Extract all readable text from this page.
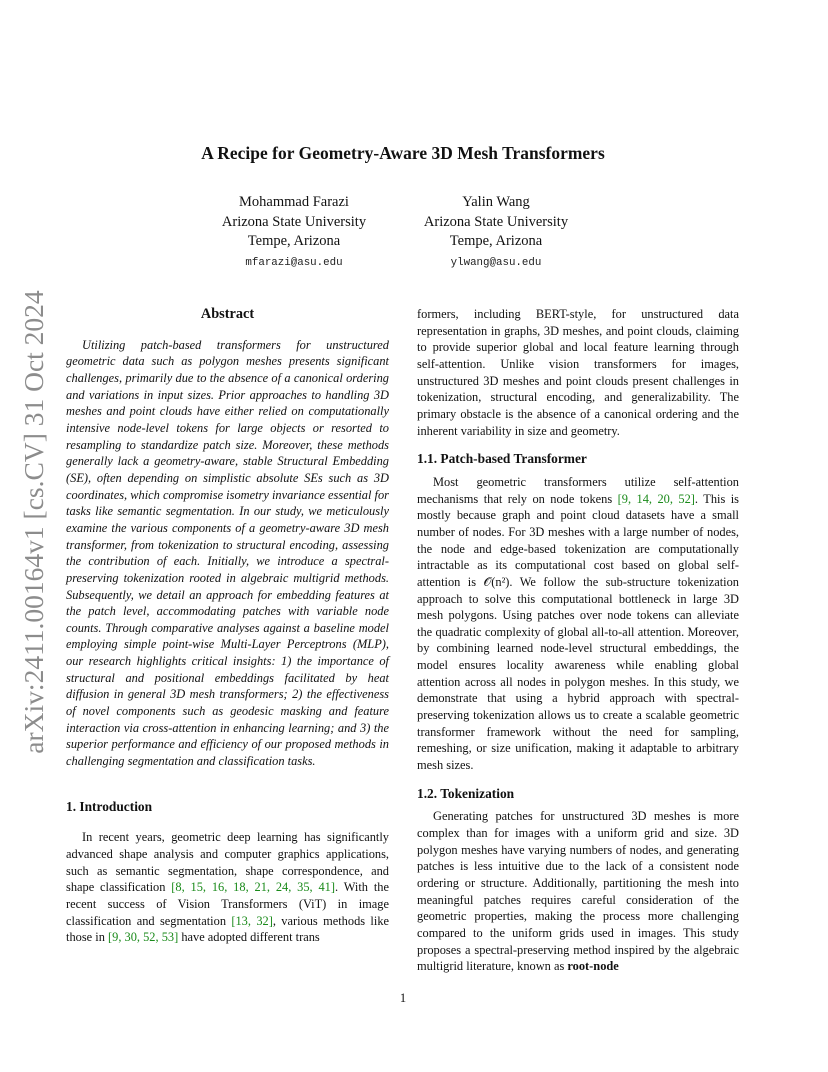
arXiv:2411.00164v1 [cs.CV] 31 Oct 2024
A Recipe for Geometry-Aware 3D Mesh Transformers
Mohammad Farazi
Arizona State University
Tempe, Arizona
mfarazi@asu.edu
Yalin Wang
Arizona State University
Tempe, Arizona
ylwang@asu.edu
Abstract

Utilizing patch-based transformers for unstructured geometric data such as polygon meshes presents significant challenges, primarily due to the absence of a canonical ordering and variations in input sizes. Prior approaches to handling 3D meshes and point clouds have either relied on computationally intensive node-level tokens for large objects or resorted to resampling to standardize patch size. Moreover, these methods generally lack a geometry-aware, stable Structural Embedding (SE), often depending on simplistic absolute SEs such as 3D coordinates, which compromise isometry invariance essential for tasks like semantic segmentation. In our study, we meticulously examine the various components of a geometry-aware 3D mesh transformer, from tokenization to structural encoding, assessing the contribution of each. Initially, we introduce a spectral-preserving tokenization rooted in algebraic multigrid methods. Subsequently, we detail an approach for embedding features at the patch level, accommodating patches with variable node counts. Through comparative analyses against a baseline model employing simple point-wise Multi-Layer Perceptrons (MLP), our research highlights critical insights: 1) the importance of structural and positional embeddings facilitated by heat diffusion in general 3D mesh transformers; 2) the effectiveness of novel components such as geodesic masking and feature interaction via cross-attention in enhancing learning; and 3) the superior performance and efficiency of our proposed methods in challenging segmentation and classification tasks.

1. Introduction

In recent years, geometric deep learning has significantly advanced shape analysis and computer graphics applications, such as semantic segmentation, shape correspondence, and shape classification [8, 15, 16, 18, 21, 24, 35, 41]. With the recent success of Vision Transformers (ViT) in image classification and segmentation [13, 32], various methods like those in [9, 30, 52, 53] have adopted different trans

formers, including BERT-style, for unstructured data representation in graphs, 3D meshes, and point clouds, claiming to provide superior global and local feature learning through self-attention. Unlike vision transformers for images, unstructured 3D meshes and point clouds present challenges in tokenization, structural encoding, and generalizability. The primary obstacle is the absence of a canonical ordering and the inherent variability in size and geometry.

1.1. Patch-based Transformer

Most geometric transformers utilize self-attention mechanisms that rely on node tokens [9, 14, 20, 52]. This is mostly because graph and point cloud datasets have a small number of nodes. For 3D meshes with a large number of nodes, the node and edge-based tokenization are computationally intractable as its computational cost based on global self-attention is 𝒪(n²). We follow the sub-structure tokenization approach to solve this computational bottleneck in large 3D mesh polygons. Using patches over node tokens can alleviate the quadratic complexity of global all-to-all attention. Moreover, by combining learned node-level structural embeddings, the model ensures locality awareness while enabling global attention across all nodes in polygon meshes. In this study, we demonstrate that using a hybrid approach with spectral-preserving tokenization allows us to create a scalable geometric transformer framework without the need for sampling, remeshing, or size unification, making it adaptable to arbitrary mesh sizes.

1.2. Tokenization

Generating patches for unstructured 3D meshes is more complex than for images with a uniform grid and size. 3D polygon meshes have varying numbers of nodes, and generating patches is less intuitive due to the lack of a consistent node ordering or structure. Additionally, partitioning the mesh into meaningful patches requires careful consideration of the geometric properties, making the process more challenging compared to the uniform grids used in images. This study proposes a spectral-preserving method inspired by the algebraic multigrid literature, known as root-node

1
